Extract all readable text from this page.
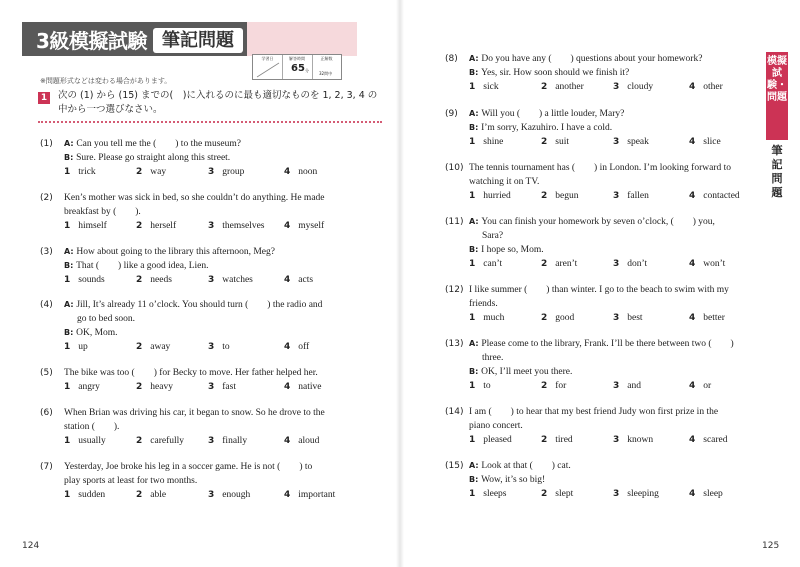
3級模擬試験 筆記問題
学習日	解答時間	正解数
65 分
32問中
※問題形式などは変わる場合があります。
1	次の (1) から (15) までの(　)に入れるのに最も適切なものを 1, 2, 3, 4 の中から一つ選びなさい。
(1) A: Can you tell me the (　　) to the museum?
B: Sure. Please go straight along this street.
1 trick	2 way	3 group	4 noon
(2) Ken’s mother was sick in bed, so she couldn’t do anything. He made
breakfast by (　　).
1 himself	2 herself	3 themselves 4 myself
(3) A: How about going to the library this afternoon, Meg?
B: That (　　) like a good idea, Lien.
1 sounds	2 needs	3 watches	4 acts
(4) A: Jill, It’s already 11 o’clock. You should turn (　　) the radio and
go to bed soon.
B: OK, Mom.
1 up	2 away	3 to	4 off
(5) The bike was too (　　) for Becky to move. Her father helped her.
1 angry	2 heavy	3 fast	4 native
(6) When Brian was driving his car, it began to snow. So he drove to the
station (　　).
1 usually	2 carefully	3 finally	4 aloud
(7) Yesterday, Joe broke his leg in a soccer game. He is not (　　) to
play sports at least for two months.
1 sudden	2 able	3 enough	4 important
(8) A: Do you have any (　　) questions about your homework?
B: Yes, sir. How soon should we finish it?
1 sick	2 another	3 cloudy	4 other
(9) A: Will you (　　) a little louder, Mary?
B: I’m sorry, Kazuhiro. I have a cold.
1 shine	2 suit	3 speak	4 slice
(10) The tennis tournament has (　　) in London. I’m looking forward to
watching it on TV.
1 hurried	2 begun	3 fallen	4 contacted
(11) A: You can finish your homework by seven o’clock, (　　) you,
Sara?
B: I hope so, Mom.
1 can’t	2 aren’t	3 don’t	4 won’t
(12) I like summer (　　) than winter. I go to the beach to swim with my
friends.
1 much	2 good	3 best	4 better
(13) A: Please come to the library, Frank. I’ll be there between two (　　)
three.
B: OK, I’ll meet you there.
1 to	2 for	3 and	4 or
(14) I am (　　) to hear that my best friend Judy won first prize in the
piano concert.
1 pleased	2 tired	3 known	4 scared
(15) A: Look at that (　　) cat.
B: Wow, it’s so big!
1 sleeps	2 slept	3 sleeping	4 sleep
模擬試験・問題
筆記問題
124	125
